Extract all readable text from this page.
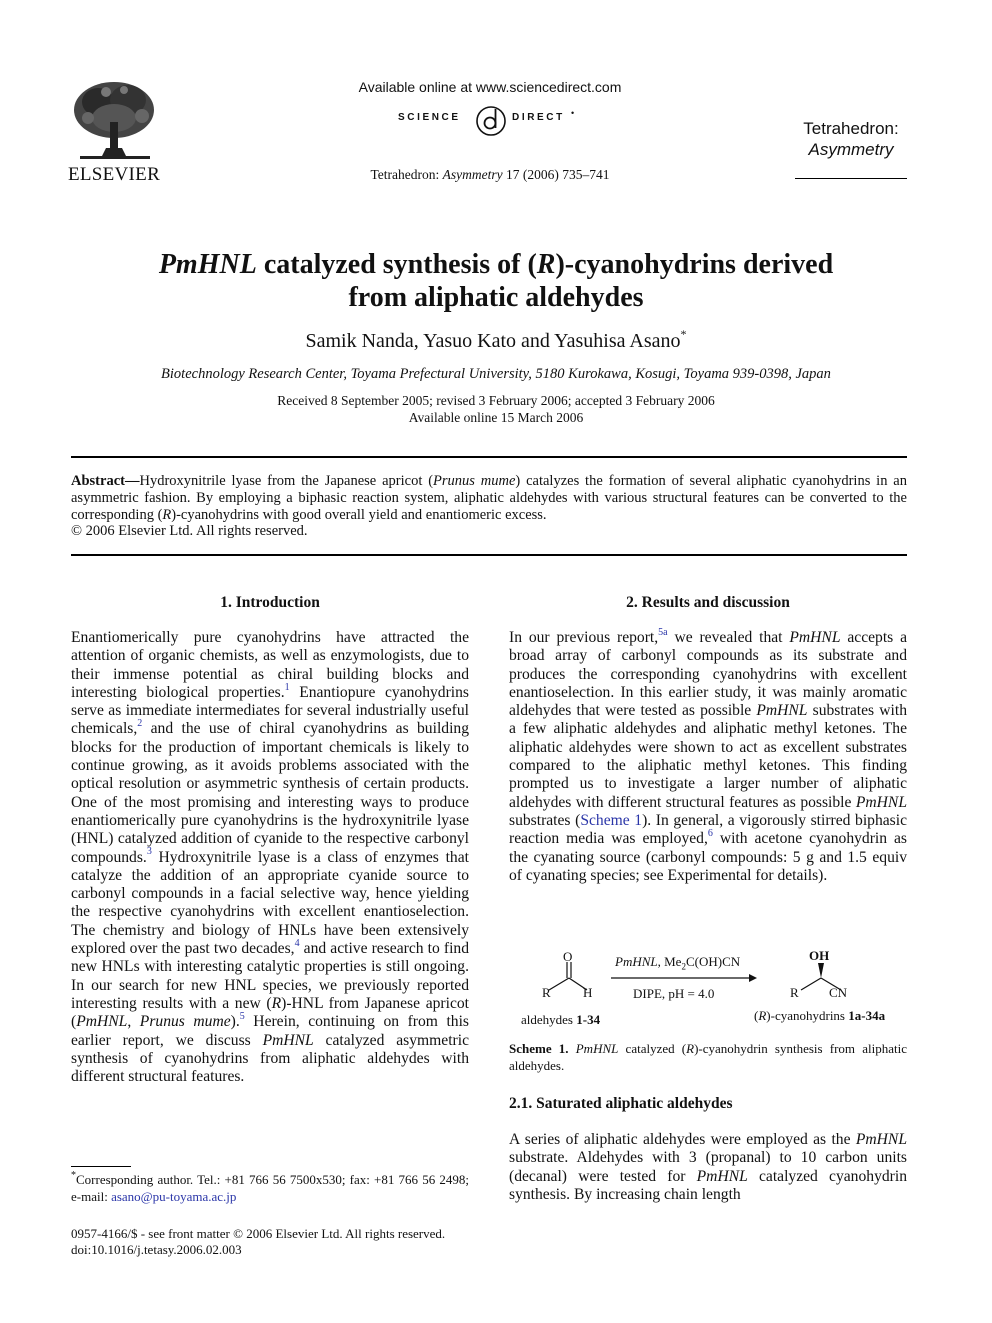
ELSEVIER
Available online at www.sciencedirect.com
SCIENCE	DIRECT •
Tetrahedron: Asymmetry 17 (2006) 735–741
Tetrahedron:
Asymmetry
PmHNL catalyzed synthesis of (R)-cyanohydrins derived
from aliphatic aldehydes
Samik Nanda, Yasuo Kato and Yasuhisa Asano*
Biotechnology Research Center, Toyama Prefectural University, 5180 Kurokawa, Kosugi, Toyama 939-0398, Japan
Received 8 September 2005; revised 3 February 2006; accepted 3 February 2006
Available online 15 March 2006
Abstract—Hydroxynitrile lyase from the Japanese apricot (Prunus mume) catalyzes the formation of several aliphatic cyanohydrins in an asymmetric fashion. By employing a biphasic reaction system, aliphatic aldehydes with various structural features can be converted to the corresponding (R)-cyanohydrins with good overall yield and enantiomeric excess.
© 2006 Elsevier Ltd. All rights reserved.
1. Introduction

Enantiomerically pure cyanohydrins have attracted the attention of organic chemists, as well as enzymologists, due to their immense potential as chiral building blocks and interesting biological properties.$^1$ Enantiopure cyanohydrins serve as immediate intermediates for several industrially useful chemicals,$^2$ and the use of chiral cyanohydrins as building blocks for the production of important chemicals is likely to continue growing, as it avoids problems associated with the optical resolution or asymmetric synthesis of certain products. One of the most promising and interesting ways to produce enantiomerically pure cyanohydrins is the hydroxynitrile lyase (HNL) catalyzed addition of cyanide to the respective carbonyl compounds.$^3$ Hydroxynitrile lyase is a class of enzymes that catalyze the addition of an appropriate cyanide source to carbonyl compounds in a facial selective way, hence yielding the respective cyanohydrins with excellent enantioselection. The chemistry and biology of HNLs have been extensively explored over the past two decades,$^4$ and active research to find new HNLs with interesting catalytic properties is still ongoing. In our search for new HNL species, we previously reported interesting results with a new (R)-HNL from Japanese apricot (PmHNL, Prunus mume).$^5$ Herein, continuing on from this earlier report, we discuss PmHNL catalyzed asymmetric synthesis of cyanohydrins from aliphatic aldehydes with different structural features.

*Corresponding author. Tel.: +81 766 56 7500x530; fax: +81 766 56 2498; e-mail: asano@pu-toyama.ac.jp
0957-4166/$ - see front matter © 2006 Elsevier Ltd. All rights reserved.
doi:10.1016/j.tetasy.2006.02.003
2. Results and discussion

In our previous report,$^{5a}$ we revealed that PmHNL accepts a broad array of carbonyl compounds as its substrate and produces the corresponding cyanohydrins with excellent enantioselection. In this earlier study, it was mainly aromatic aldehydes that were tested as possible PmHNL substrates with a few aliphatic aldehydes and aliphatic methyl ketones. The aliphatic aldehydes were shown to act as excellent substrates compared to the aliphatic methyl ketones. This finding prompted us to investigate a larger number of aliphatic aldehydes with different structural features as possible PmHNL substrates (Scheme 1). In general, a vigorously stirred biphasic reaction media was employed,$^6$ with acetone cyanohydrin as the cyanating source (carbonyl compounds: 5 g and 1.5 equiv of cyanating species; see Experimental for details).

O
R H
PmHNL, $Me_2C(OH)CN$
DIPE, pH = 4.0
OH
R CN
aldehydes 1-34	(R)-cyanohydrins 1a-34a
Scheme 1. PmHNL catalyzed (R)-cyanohydrin synthesis from aliphatic aldehydes.
2.1. Saturated aliphatic aldehydes

A series of aliphatic aldehydes were employed as the PmHNL substrate. Aldehydes with 3 (propanal) to 10 carbon units (decanal) were tested for PmHNL catalyzed cyanohydrin synthesis. By increasing chain length
